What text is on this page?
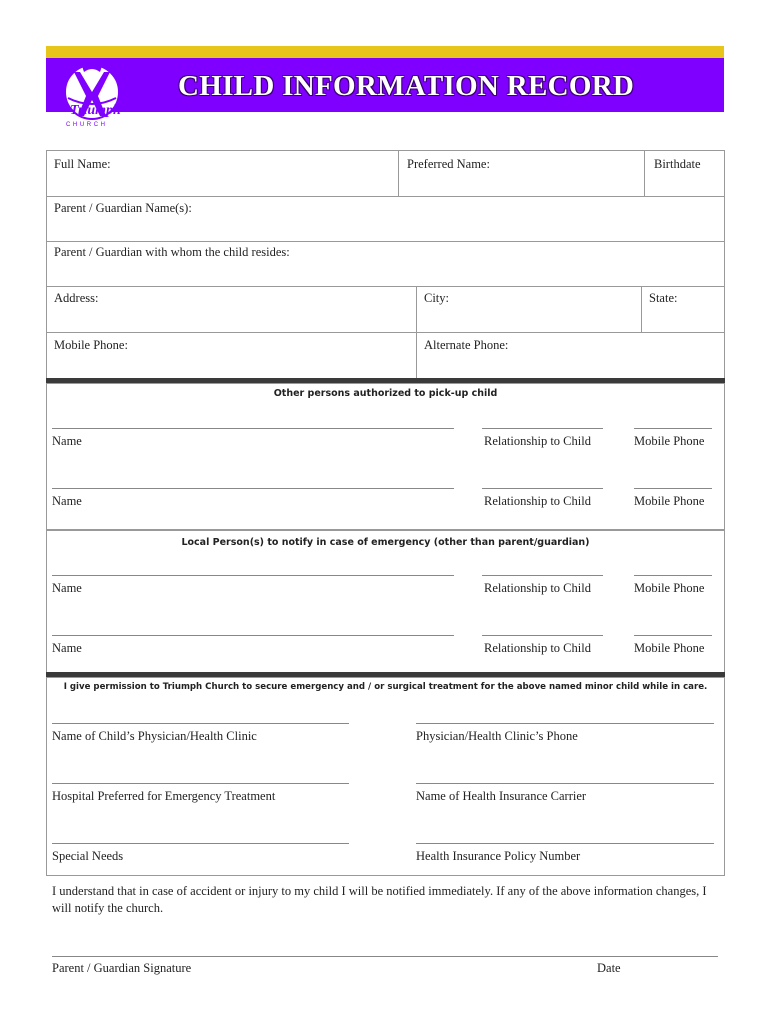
CHILD INFORMATION RECORD
Triumph
CHURCH
Full Name:	Preferred Name:	Birthdate
Parent / Guardian Name(s):
Parent / Guardian with whom the child resides:
Address:	City:	State:
Mobile Phone:	Alternate Phone:
Other persons authorized to pick-up child
Name	Relationship to Child	Mobile Phone
Name	Relationship to Child	Mobile Phone
Local Person(s) to notify in case of emergency (other than parent/guardian)
Name	Relationship to Child	Mobile Phone
Name	Relationship to Child	Mobile Phone
I give permission to Triumph Church to secure emergency and / or surgical treatment for the above named minor child while in care.
Name of Child’s Physician/Health Clinic	Physician/Health Clinic’s Phone
Hospital Preferred for Emergency Treatment	Name of Health Insurance Carrier
Special Needs	Health Insurance Policy Number
I understand that in case of accident or injury to my child I will be notified immediately. If any of the above information changes, I will notify the church.
Parent / Guardian Signature	Date
